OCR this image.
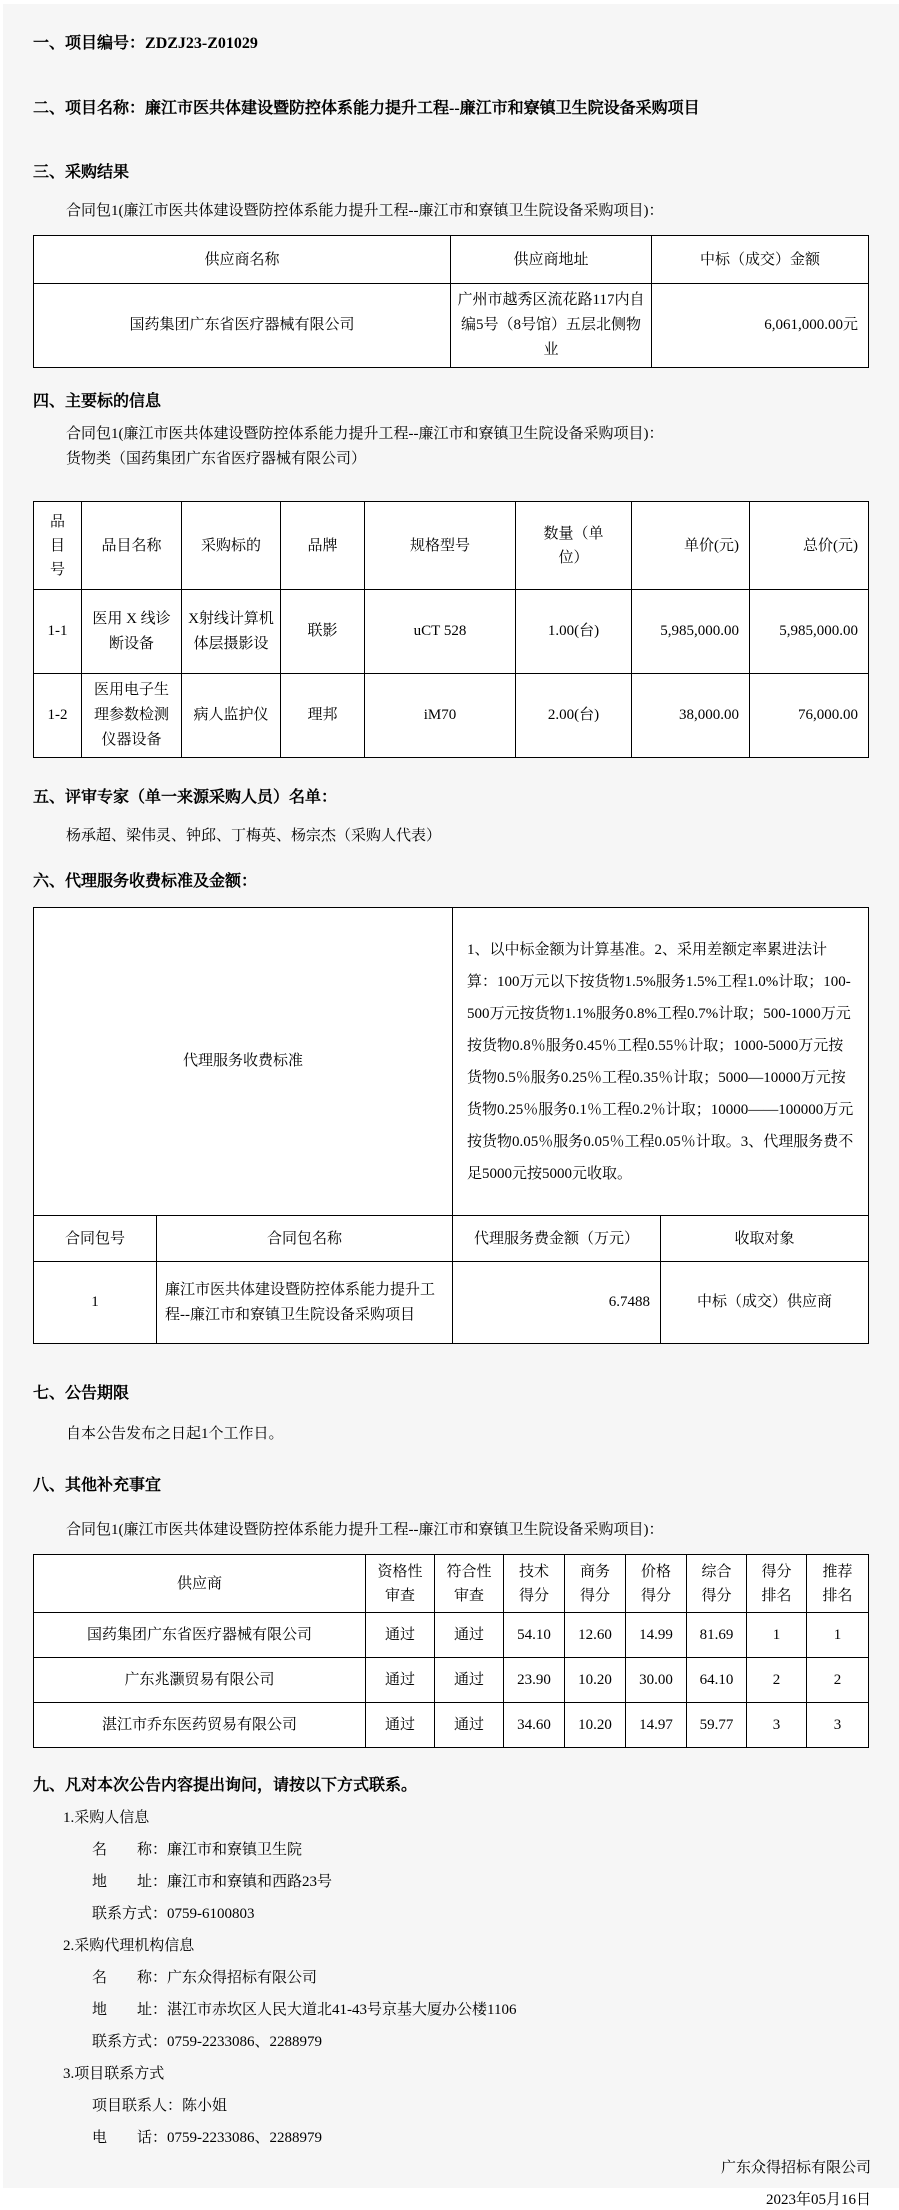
一、项目编号：ZDZJ23-Z01029

二、项目名称：廉江市医共体建设暨防控体系能力提升工程--廉江市和寮镇卫生院设备采购项目

三、采购结果

合同包1(廉江市医共体建设暨防控体系能力提升工程--廉江市和寮镇卫生院设备采购项目)：

供应商名称	供应商地址	中标（成交）金额
国药集团广东省医疗器械有限公司	广州市越秀区流花路117内自编5号（8号馆）五层北侧物业	6,061,000.00元

四、主要标的信息

合同包1(廉江市医共体建设暨防控体系能力提升工程--廉江市和寮镇卫生院设备采购项目)：

货物类（国药集团广东省医疗器械有限公司）

品目号	品目名称	采购标的	品牌	规格型号	数量（单位）	单价(元)	总价(元)
1-1	医用 X 线诊断设备	X射线计算机体层摄影设	联影	uCT 528	1.00(台)	5,985,000.00	5,985,000.00
1-2	医用电子生理参数检测仪器设备	病人监护仪	理邦	iM70	2.00(台)	38,000.00	76,000.00

五、评审专家（单一来源采购人员）名单：

杨承超、梁伟灵、钟邱、丁梅英、杨宗杰（采购人代表）

六、代理服务收费标准及金额：

代理服务收费标准	1、以中标金额为计算基准。2、采用差额定率累进法计算：100万元以下按货物1.5%服务1.5%工程1.0%计取；100-500万元按货物1.1%服务0.8%工程0.7%计取；500-1000万元按货物0.8％服务0.45％工程0.55％计取；1000-5000万元按货物0.5％服务0.25％工程0.35％计取；5000—10000万元按货物0.25％服务0.1％工程0.2％计取；10000——100000万元按货物0.05％服务0.05％工程0.05％计取。3、代理服务费不足5000元按5000元收取。
合同包号	合同包名称	代理服务费金额（万元）	收取对象
1	廉江市医共体建设暨防控体系能力提升工程--廉江市和寮镇卫生院设备采购项目	6.7488	中标（成交）供应商

七、公告期限

自本公告发布之日起1个工作日。

八、其他补充事宜

合同包1(廉江市医共体建设暨防控体系能力提升工程--廉江市和寮镇卫生院设备采购项目)：

供应商	资格性审查	符合性审查	技术得分	商务得分	价格得分	综合得分	得分排名	推荐排名
国药集团广东省医疗器械有限公司	通过	通过	54.10	12.60	14.99	81.69	1	1
广东兆灏贸易有限公司	通过	通过	23.90	10.20	30.00	64.10	2	2
湛江市乔东医药贸易有限公司	通过	通过	34.60	10.20	14.97	59.77	3	3

九、凡对本次公告内容提出询问，请按以下方式联系。

1.采购人信息

名　　称：廉江市和寮镇卫生院

地　　址：廉江市和寮镇和西路23号

联系方式：0759-6100803

2.采购代理机构信息

名　　称：广东众得招标有限公司

地　　址：湛江市赤坎区人民大道北41-43号京基大厦办公楼1106

联系方式：0759-2233086、2288979

3.项目联系方式

项目联系人：陈小姐

电　　话：0759-2233086、2288979

广东众得招标有限公司

2023年05月16日
